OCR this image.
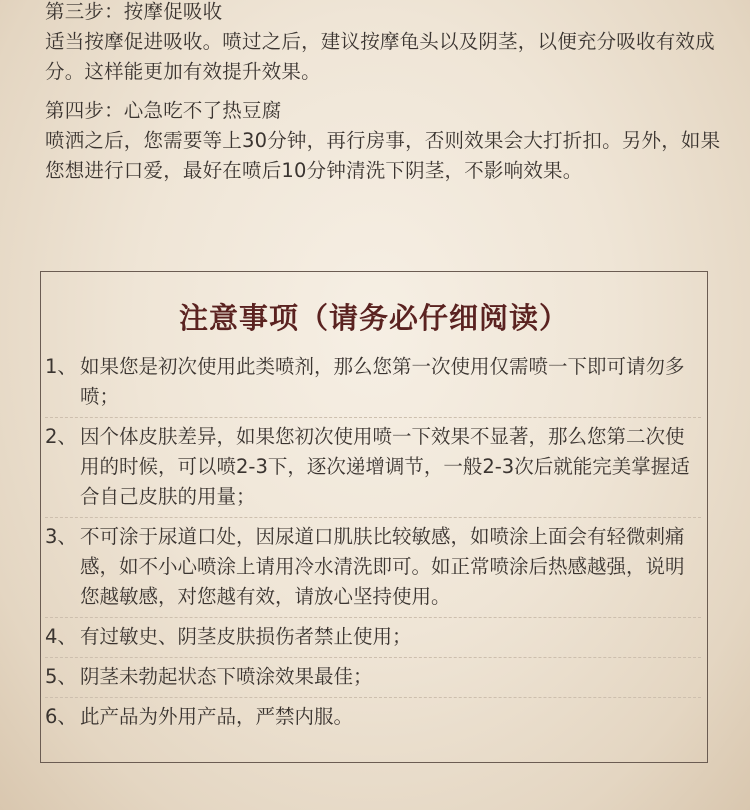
第三步：按摩促吸收

适当按摩促进吸收。喷过之后，建议按摩龟头以及阴茎，以便充分吸收有效成分。这样能更加有效提升效果。

第四步：心急吃不了热豆腐

喷洒之后，您需要等上30分钟，再行房事，否则效果会大打折扣。另外，如果您想进行口爱，最好在喷后10分钟清洗下阴茎，不影响效果。

注意事项（请务必仔细阅读）
1、 如果您是初次使用此类喷剂，那么您第一次使用仅需喷一下即可请勿多喷；
2、 因个体皮肤差异，如果您初次使用喷一下效果不显著，那么您第二次使用的时候，可以喷2-3下，逐次递增调节，一般2-3次后就能完美掌握适合自己皮肤的用量；
3、 不可涂于尿道口处，因尿道口肌肤比较敏感，如喷涂上面会有轻微刺痛感，如不小心喷涂上请用冷水清洗即可。如正常喷涂后热感越强，说明您越敏感，对您越有效，请放心坚持使用。
4、 有过敏史、阴茎皮肤损伤者禁止使用；
5、 阴茎未勃起状态下喷涂效果最佳；
6、 此产品为外用产品，严禁内服。
